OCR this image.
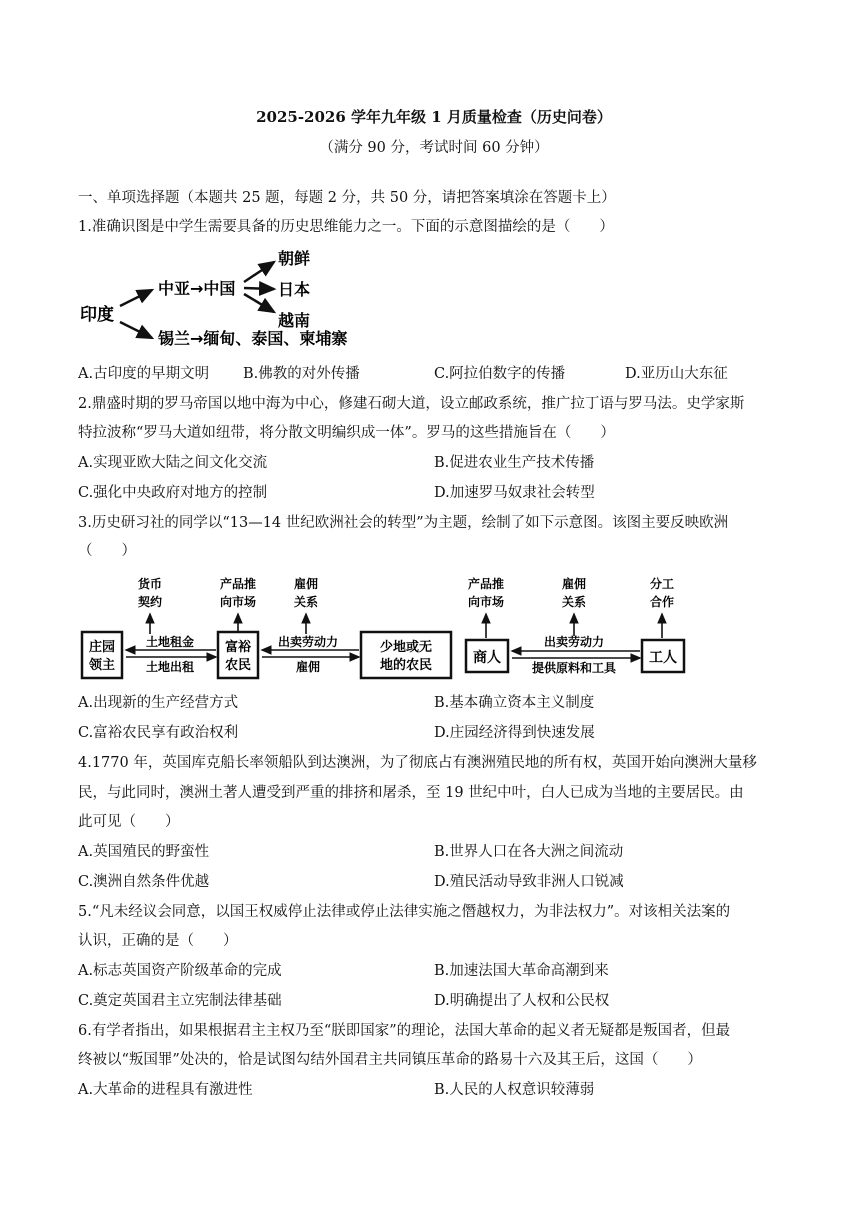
2025-2026 学年九年级 1 月质量检查（历史问卷）
（满分 90 分，考试时间 60 分钟）
一、单项选择题（本题共 25 题，每题 2 分，共 50 分，请把答案填涂在答题卡上）
1.准确识图是中学生需要具备的历史思维能力之一。下面的示意图描绘的是（　　）
印度
中亚→中国
朝鲜
日本
越南
锡兰→缅甸、泰国、柬埔寨
A.古印度的早期文明 B.佛教的对外传播	C.阿拉伯数字的传播	D.亚历山大东征
2.鼎盛时期的罗马帝国以地中海为中心，修建石砌大道，设立邮政系统，推广拉丁语与罗马法。史学家斯
特拉波称“罗马大道如纽带，将分散文明编织成一体”。罗马的这些措施旨在（　　）
A.实现亚欧大陆之间文化交流	B.促进农业生产技术传播
C.强化中央政府对地方的控制	D.加速罗马奴隶社会转型
3.历史研习社的同学以“13—14 世纪欧洲社会的转型”为主题，绘制了如下示意图。该图主要反映欧洲
（　　）
货币
契约
产品推
向市场
雇佣
关系
庄园
领主
富裕
农民
少地或无
地的农民
土地租金
土地出租
出卖劳动力
雇佣
产品推
向市场
雇佣
关系
分工
合作
商人	工人
出卖劳动力
提供原料和工具
A.出现新的生产经营方式	B.基本确立资本主义制度
C.富裕农民享有政治权利	D.庄园经济得到快速发展
4.1770 年，英国库克船长率领船队到达澳洲，为了彻底占有澳洲殖民地的所有权，英国开始向澳洲大量移
民，与此同时，澳洲土著人遭受到严重的排挤和屠杀，至 19 世纪中叶，白人已成为当地的主要居民。由
此可见（　　）
A.英国殖民的野蛮性	B.世界人口在各大洲之间流动
C.澳洲自然条件优越	D.殖民活动导致非洲人口锐减
5.“凡未经议会同意，以国王权威停止法律或停止法律实施之僭越权力，为非法权力”。对该相关法案的
认识，正确的是（　　）
A.标志英国资产阶级革命的完成	B.加速法国大革命高潮到来
C.奠定英国君主立宪制法律基础	D.明确提出了人权和公民权
6.有学者指出，如果根据君主主权乃至“朕即国家”的理论，法国大革命的起义者无疑都是叛国者，但最
终被以“叛国罪”处决的，恰是试图勾结外国君主共同镇压革命的路易十六及其王后，这国（　　）
A.大革命的进程具有激进性	B.人民的人权意识较薄弱
